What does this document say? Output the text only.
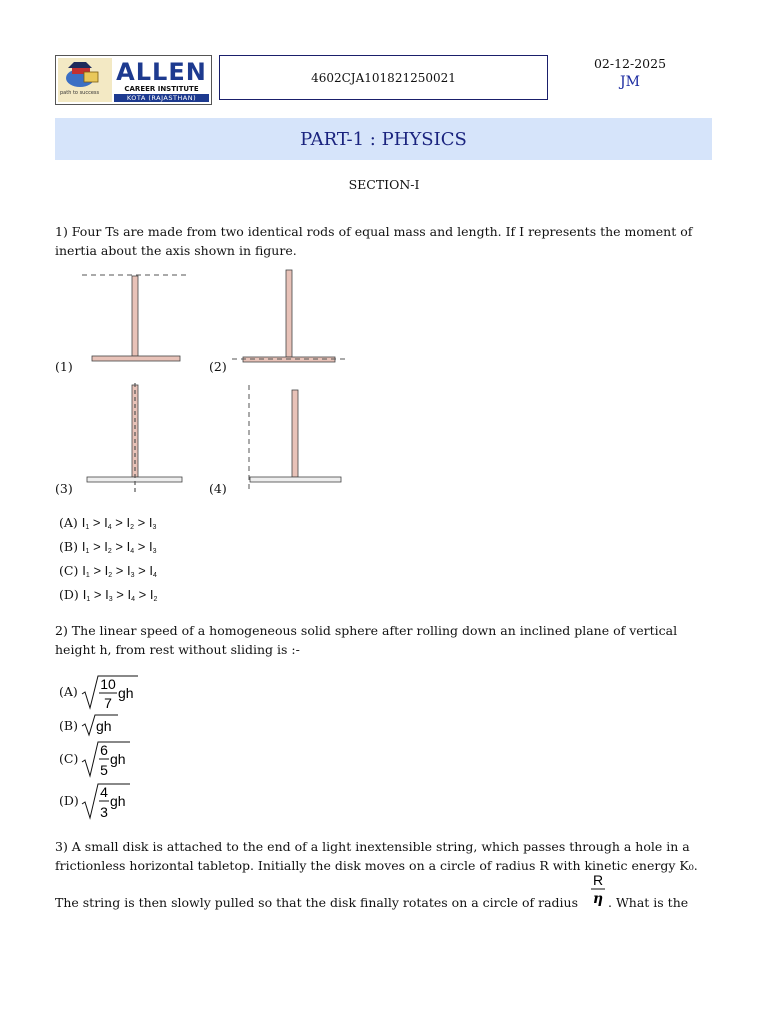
path to success
ALLEN
CAREER INSTITUTE
KOTA (RAJASTHAN)
4602CJA101821250021
02-12-2025
JM
PART-1 : PHYSICS
SECTION-I
1) Four Ts are made from two identical rods of equal mass and length. If I represents the moment of
inertia about the axis shown in figure.
(1)	(2)
(3)	(4)
(A) $I_1 > I_4 > I_2 > I_3$
(B) $I_1 > I_2 > I_4 > I_3$
(C) $I_1 > I_2 > I_3 > I_4$
(D) $I_1 > I_3 > I_4 > I_2$
2) The linear speed of a homogeneous solid sphere after rolling down an inclined plane of vertical
height h, from rest without sliding is :-
(A) 10
7
gh
(B) gh
(C)
6
5
gh
(D)
4
3
gh
3) A small disk is attached to the end of a light inextensible string, which passes through a hole in a
frictionless horizontal tabletop. Initially the disk moves on a circle of radius R with kinetic energy K₀.
The string is then slowly pulled so that the disk finally rotates on a circle of radius
R
η . What is the
